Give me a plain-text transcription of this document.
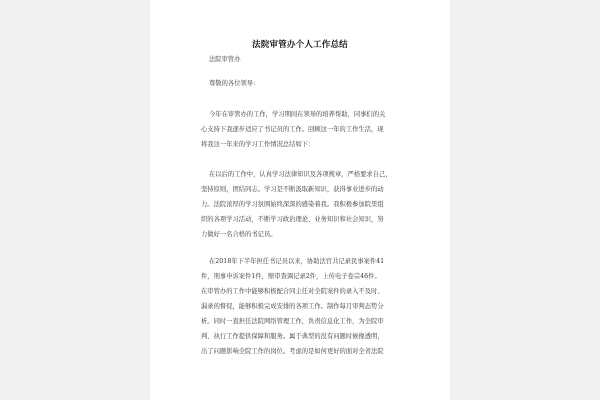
法院审管办个人工作总结
法院审管办
尊敬的各位领导：
今年在审管办的工作，学习期间在领导的培养帮助，同事们的关
心支持下我逐步适应了书记员的工作。回顾这一年的工作生活，现
将我这一年来的学习工作情况总结如下：
在以后的工作中，认真学习法律知识及各项规章，严格要求自己，
坚持原则，团结同志。学习是不断汲取新知识，获得事业进步的动
力。法院浓厚的学习氛围始终深深的感染着我。我积极参加院里组
织的各项学习活动，不断学习政治理论、业务知识和社会知识，努
力做好一名合格的书记员。
在2018年下半年担任书记员以来，协助法官共记录民事案件41
件，刑事申诉案件1件，赔审查调记录2件，上传电子卷宗46件。
在审管办的工作中能够积极配合同主任对全院案件的录入不及时、
漏录的督促，能够积极完成安排的各项工作。制作每月审判态势分
析。同时一直担任法院网络管理工作，负责信息化工作，为全院审
判、执行工作提供保障和服务。属于典型的没有问题时候像透明，
出了问题影响全院工作的岗位。考虑的是如何更好的面对全省法院
